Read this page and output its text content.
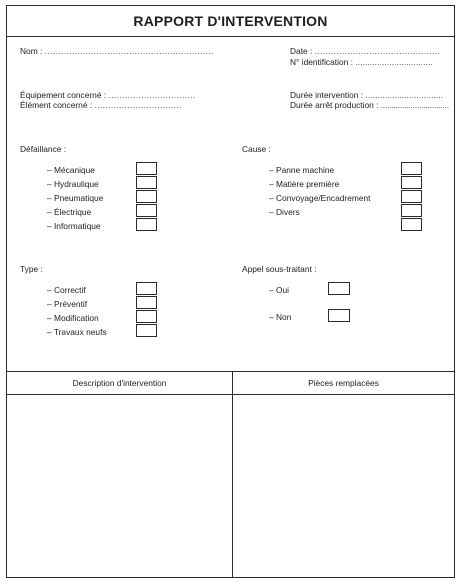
RAPPORT D'INTERVENTION
Nom : ..............................................................
Équipement concerné : ................................
Élément concerné : ................................
Date : ..............................................
N° identification : ................................
Durée intervention : ................................
Durée arrêt production : ................................
Défaillance :
– Mécanique
– Hydraulique
– Pneumatique
– Électrique
– Informatique
Cause :
– Panne machine
– Matière première
– Convoyage/Encadrement
– Divers
Type :
– Correctif
– Préventif
– Modification
– Travaux neufs
Appel sous-traitant :
– Oui
– Non
Description d'intervention	Pièces remplacées
